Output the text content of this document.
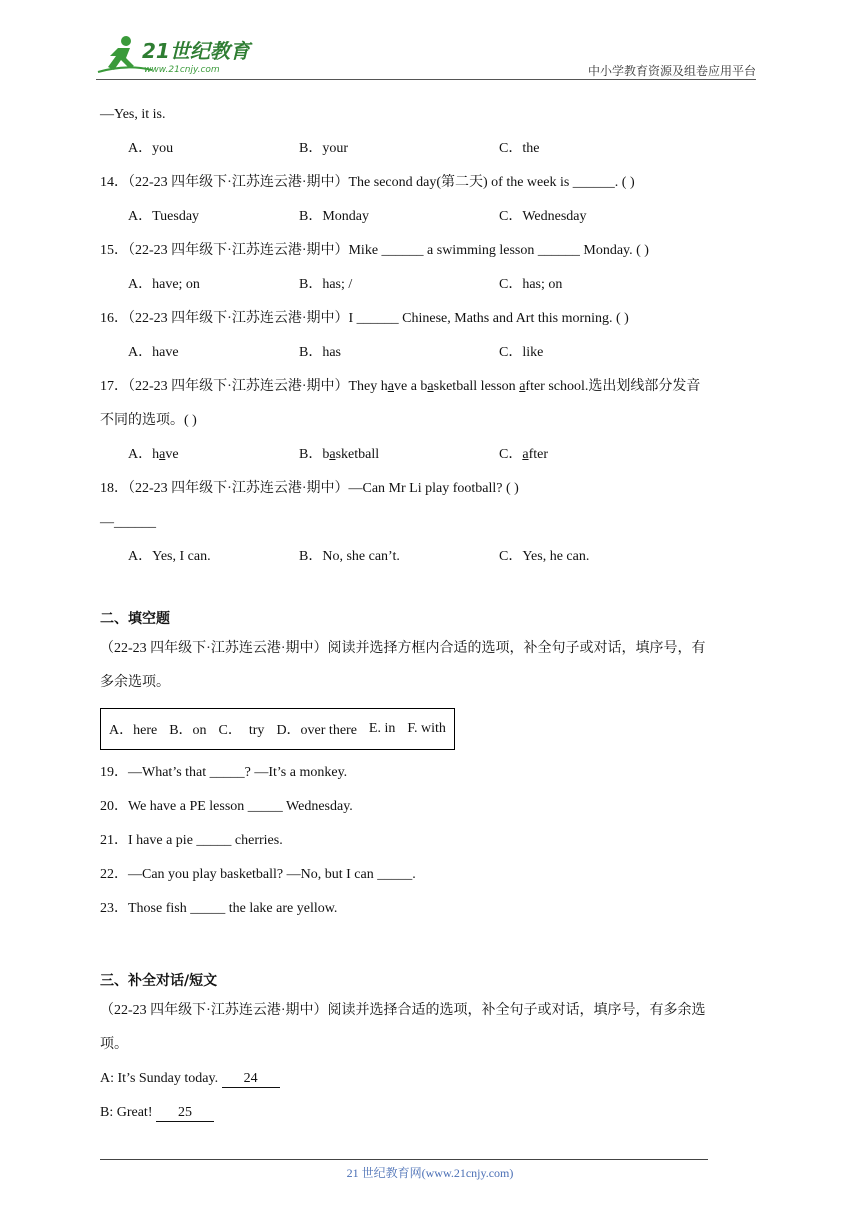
21世纪教育
www.21cnjy.com	中小学教育资源及组卷应用平台
—Yes, it is.
A．you	B．your	C．the
14．（22-23 四年级下·江苏连云港·期中）The second day(第二天) of the week is ______. ( )
A．Tuesday	B．Monday	C．Wednesday
15．（22-23 四年级下·江苏连云港·期中）Mike ______ a swimming lesson ______ Monday. ( )
A．have; on	B．has; /	C．has; on
16．（22-23 四年级下·江苏连云港·期中）I ______ Chinese, Maths and Art this morning. ( )
A．have	B．has	C．like
17．（22-23 四年级下·江苏连云港·期中）They have a basketball lesson after school.选出划线部分发音
不同的选项。( )
A．have	B．basketball	C．after
18．（22-23 四年级下·江苏连云港·期中）—Can Mr Li play football? ( )
—______
A．Yes, I can.	B．No, she can’t.	C．Yes, he can.
二、填空题
（22-23 四年级下·江苏连云港·期中）阅读并选择方框内合适的选项，补全句子或对话，填序号，有
多余选项。
A．here B．on C．  try D．over there E. in F. with
19．—What’s that _____? —It’s a monkey.
20．We have a PE lesson _____ Wednesday.
21．I have a pie _____ cherries.
22．—Can you play basketball? —No, but I can _____.
23．Those fish _____ the lake are yellow.
三、补全对话/短文
（22-23 四年级下·江苏连云港·期中）阅读并选择合适的选项，补全句子或对话，填序号，有多余选
项。
A: It’s Sunday today. 24
B: Great! 25
21 世纪教育网(www.21cnjy.com)
